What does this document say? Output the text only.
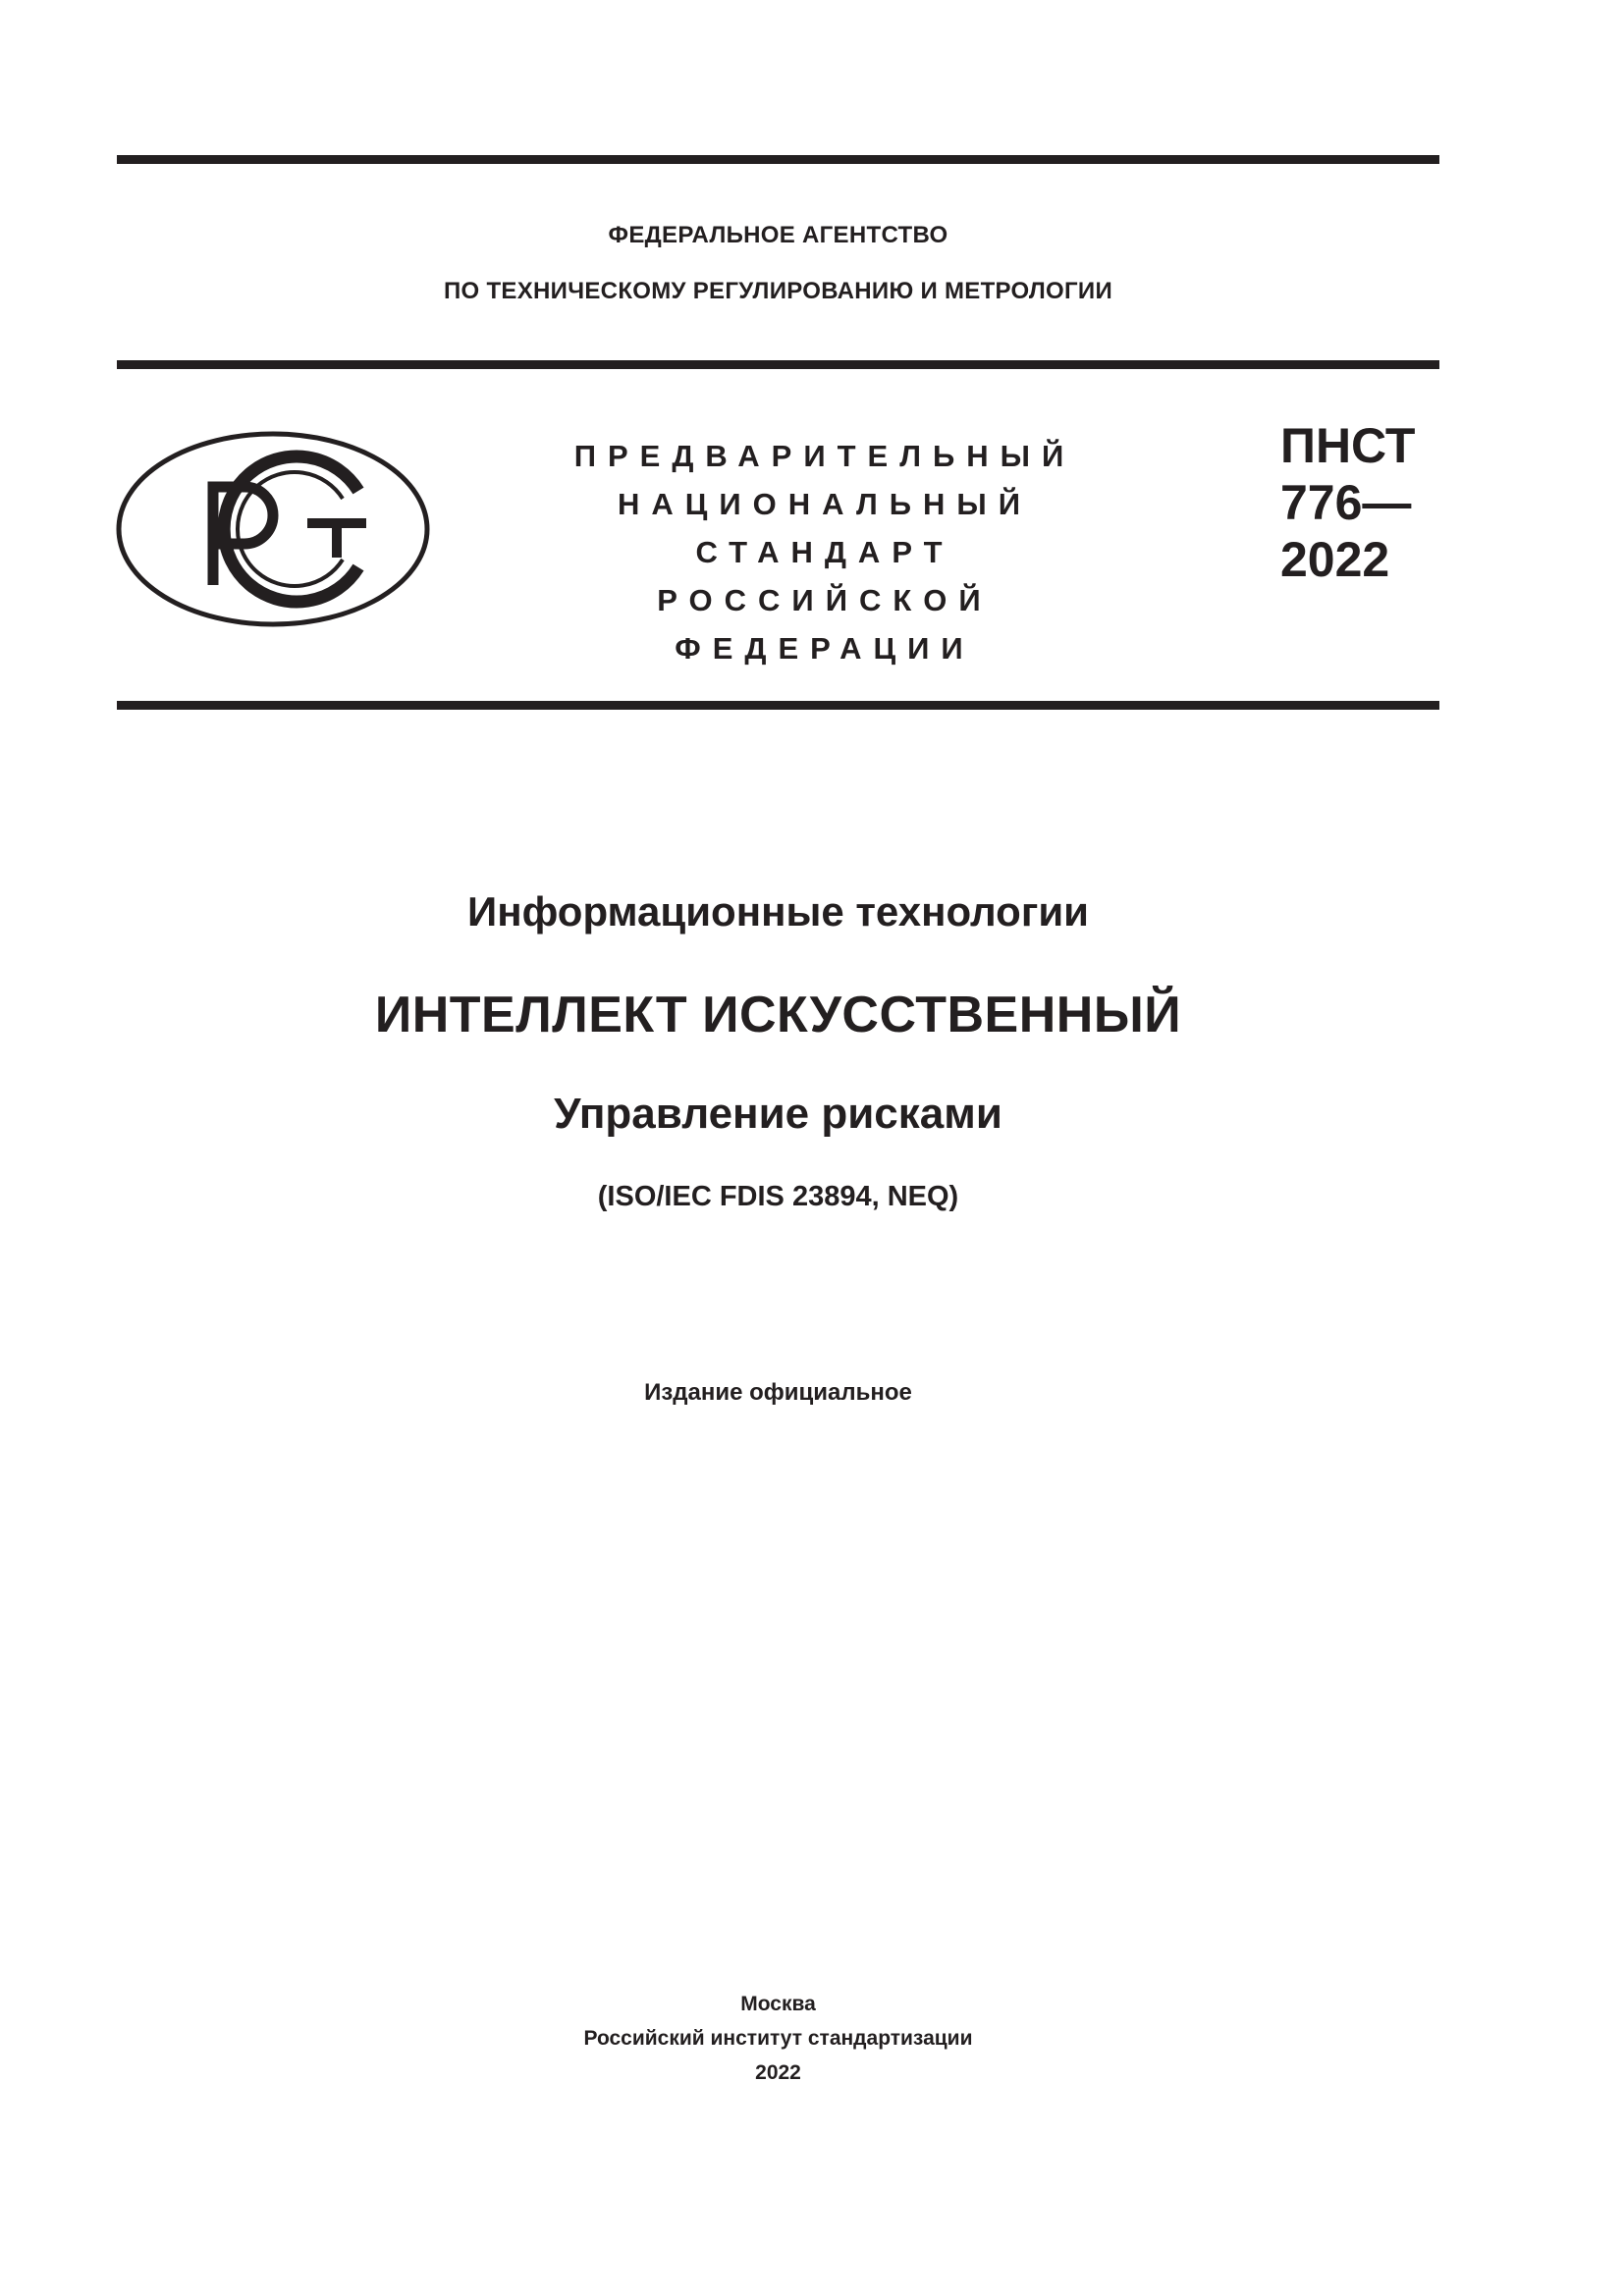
ФЕДЕРАЛЬНОЕ АГЕНТСТВО
ПО ТЕХНИЧЕСКОМУ РЕГУЛИРОВАНИЮ И МЕТРОЛОГИИ
ПРЕДВАРИТЕЛЬНЫЙ
НАЦИОНАЛЬНЫЙ
СТАНДАРТ
РОССИЙСКОЙ
ФЕДЕРАЦИИ
ПНСТ
776—
2022
Информационные технологии
ИНТЕЛЛЕКТ ИСКУССТВЕННЫЙ
Управление рисками
(ISO/IEC FDIS 23894, NEQ)
Издание официальное
Москва
Российский институт стандартизации
2022
